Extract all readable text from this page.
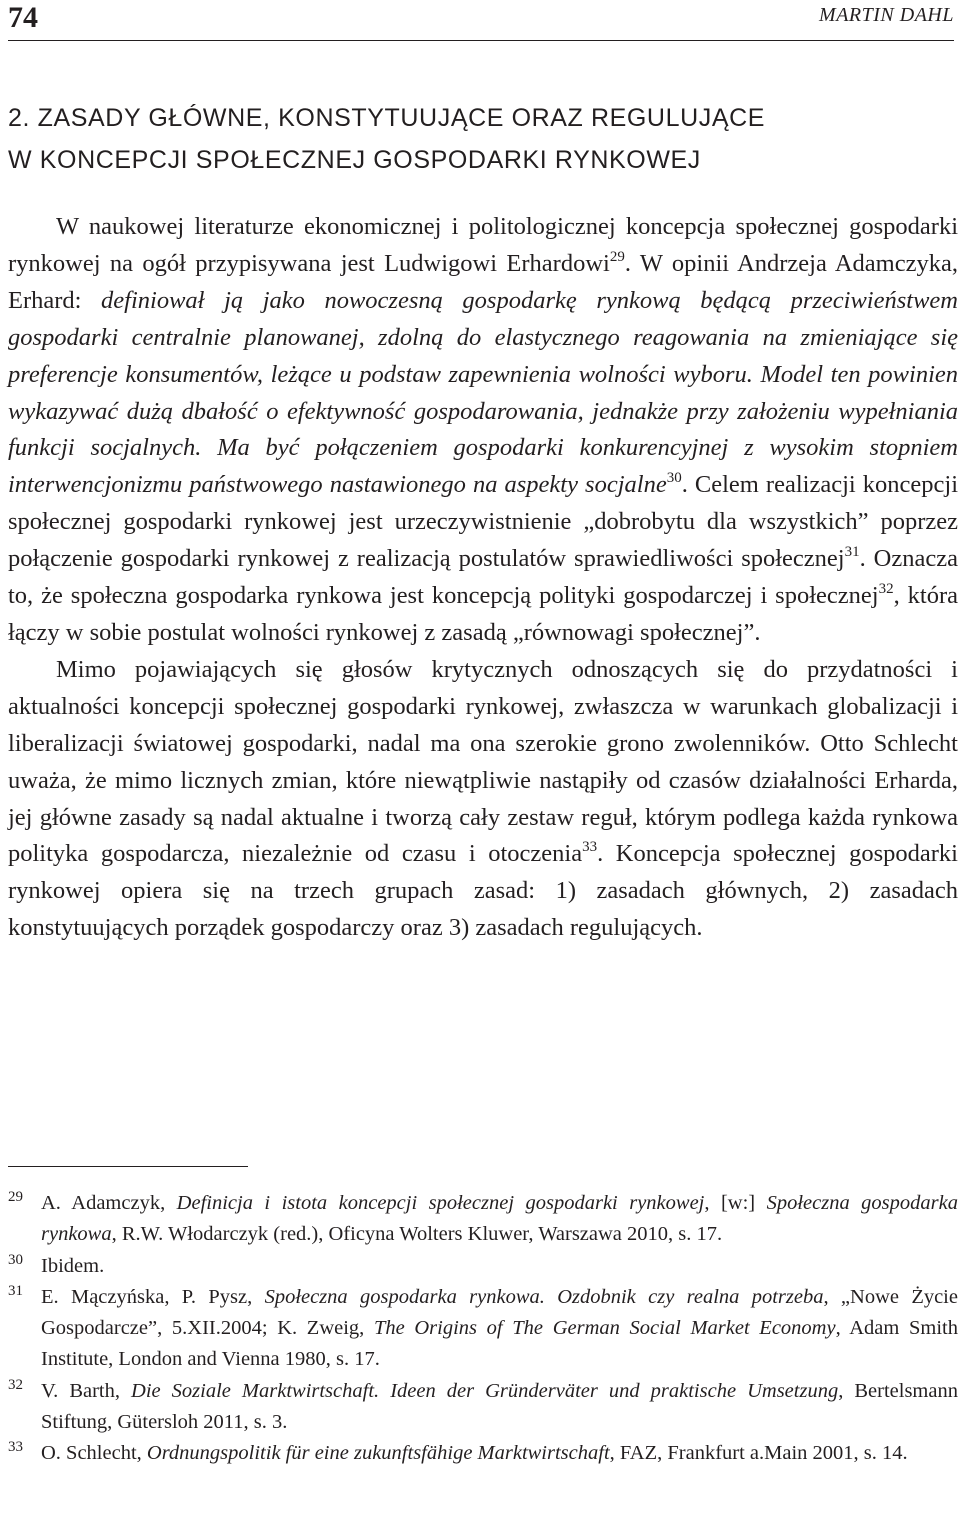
74	MARTIN DAHL
2. ZASADY GŁÓWNE, KONSTYTUUJĄCE ORAZ REGULUJĄCE
W KONCEPCJI SPOŁECZNEJ GOSPODARKI RYNKOWEJ

W naukowej literaturze ekonomicznej i politologicznej koncepcja społecznej gospodarki rynkowej na ogół przypisywana jest Ludwigowi Erhardowi$^{29}$. W opinii Andrzeja Adamczyka, Erhard: definiował ją jako nowoczesną gospodarkę rynkową będącą przeciwieństwem gospodarki centralnie planowanej, zdolną do elastycznego reagowania na zmieniające się preferencje konsumentów, leżące u podstaw zapewnienia wolności wyboru. Model ten powinien wykazywać dużą dbałość o efektywność gospodarowania, jednakże przy założeniu wypełniania funkcji socjalnych. Ma być połączeniem gospodarki konkurencyjnej z wysokim stopniem interwencjonizmu państwowego nastawionego na aspekty socjalne$^{30}$. Celem realizacji koncepcji społecznej gospodarki rynkowej jest urzeczywistnienie „dobrobytu dla wszystkich” poprzez połączenie gospodarki rynkowej z realizacją postulatów sprawiedliwości społecznej$^{31}$. Oznacza to, że społeczna gospodarka rynkowa jest koncepcją polityki gospodarczej i społecznej$^{32}$, która łączy w sobie postulat wolności rynkowej z zasadą „równowagi społecznej”.

Mimo pojawiających się głosów krytycznych odnoszących się do przydatności i aktualności koncepcji społecznej gospodarki rynkowej, zwłaszcza w warunkach globalizacji i liberalizacji światowej gospodarki, nadal ma ona szerokie grono zwolenników. Otto Schlecht uważa, że mimo licznych zmian, które niewątpliwie nastąpiły od czasów działalności Erharda, jej główne zasady są nadal aktualne i tworzą cały zestaw reguł, którym podlega każda rynkowa polityka gospodarcza, niezależnie od czasu i otoczenia$^{33}$. Koncepcja społecznej gospodarki rynkowej opiera się na trzech grupach zasad: 1) zasadach głównych, 2) zasadach konstytuujących porządek gospodarczy oraz 3) zasadach regulujących.

29 A. Adamczyk, Definicja i istota koncepcji społecznej gospodarki rynkowej, [w:] Społeczna gospodarka rynkowa, R.W. Włodarczyk (red.), Oficyna Wolters Kluwer, Warszawa 2010, s. 17.
30 Ibidem.
31 E. Mączyńska, P. Pysz, Społeczna gospodarka rynkowa. Ozdobnik czy realna potrzeba, „Nowe Życie Gospodarcze”, 5.XII.2004; K. Zweig, The Origins of The German Social Market Economy, Adam Smith Institute, London and Vienna 1980, s. 17.
32 V. Barth, Die Soziale Marktwirtschaft. Ideen der Gründerväter und praktische Umsetzung, Bertelsmann Stiftung, Gütersloh 2011, s. 3.
33 O. Schlecht, Ordnungspolitik für eine zukunftsfähige Marktwirtschaft, FAZ, Frankfurt a.Main 2001, s. 14.
